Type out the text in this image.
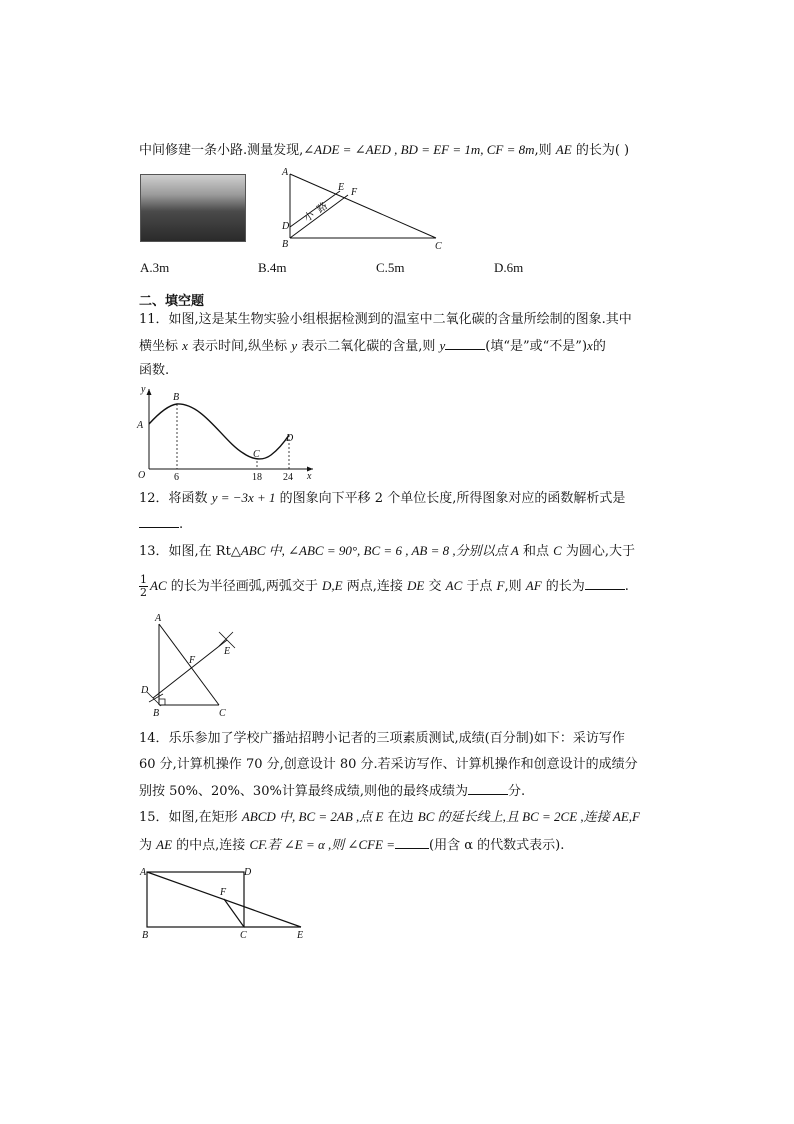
中间修建一条小路.测量发现,∠ADE = ∠AED , BD = EF = 1m, CF = 8m,则 AE 的长为( )
A
B	C
D
E F
小
路
A.3m	B.4m	C.5m	D.6m
二、填空题
11．如图,这是某生物实验小组根据检测到的温室中二氧化碳的含量所绘制的图象.其中
横坐标 x 表示时间,纵坐标 y 表示二氧化碳的含量,则 y	(填“是”或“不是”)x的
函数.
y
x
O
A
B
C
D
6	18 24
12．将函数 y = −3x + 1 的图象向下平移 2 个单位长度,所得图象对应的函数解析式是
.
13．如图,在 Rt△ABC 中, ∠ABC = 90°, BC = 6 , AB = 8 ,分别以点 A 和点 C 为圆心,大于
$\frac{1}{2}$ AC 的长为半径画弧,两弧交于 D,E 两点,连接 DE 交 AC 于点 F,则 AF 的长为	.
A
B	C
D
E
F
14．乐乐参加了学校广播站招聘小记者的三项素质测试,成绩(百分制)如下：采访写作
60 分,计算机操作 70 分,创意设计 80 分.若采访写作、计算机操作和创意设计的成绩分
别按 50%、20%、30%计算最终成绩,则他的最终成绩为	分.
15．如图,在矩形 ABCD 中, BC = 2AB ,点 E 在边 BC 的延长线上,且 BC = 2CE ,连接 AE,F
为 AE 的中点,连接 CF.若 ∠E = α ,则 ∠CFE =	(用含 α 的代数式表示).
A	D
B	C	E
F
